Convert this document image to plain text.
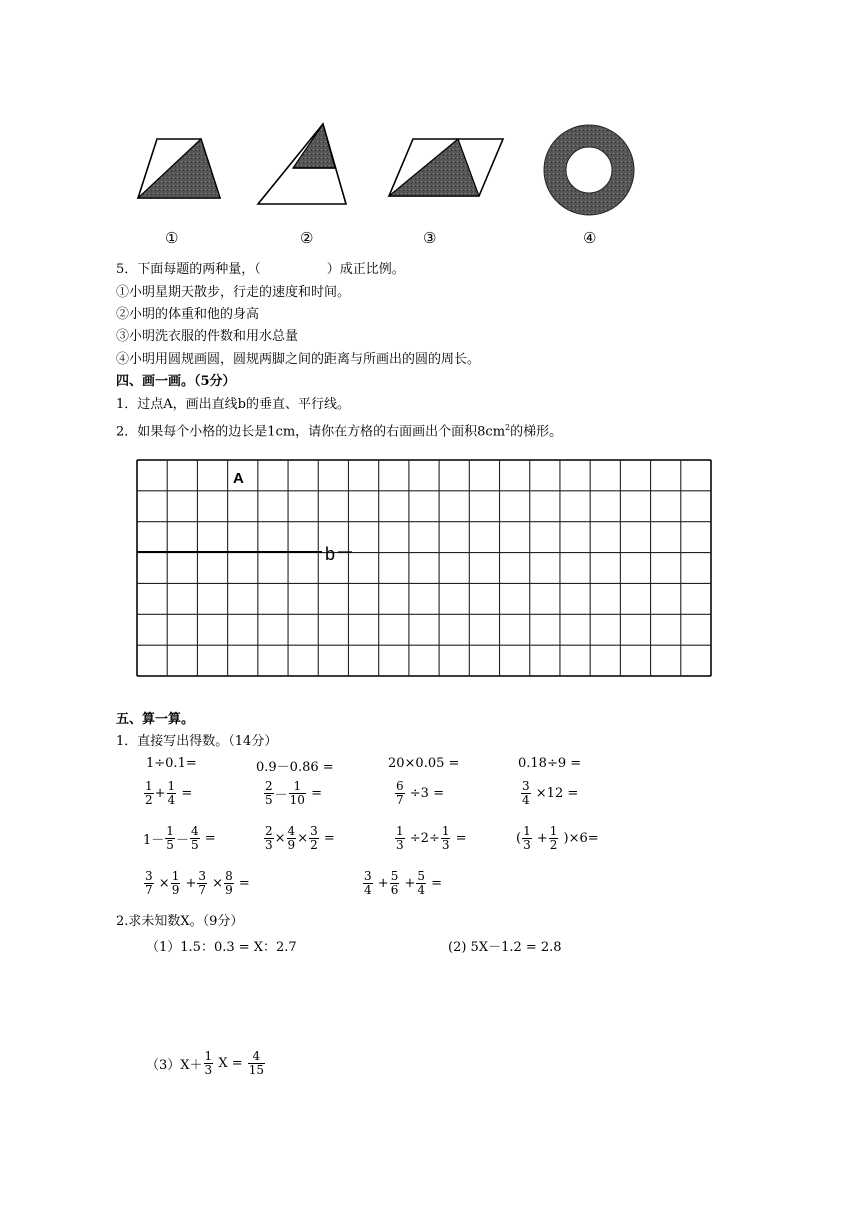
①	②	③	④
5．下面每题的两种量，（	）成正比例。
①小明星期天散步，行走的速度和时间。
②小明的体重和他的身高
③小明洗衣服的件数和用水总量
④小明用圆规画圆，圆规两脚之间的距离与所画出的圆的周长。
四、画一画。（5分）
1．过点A，画出直线b的垂直、平行线。
2．如果每个小格的边长是1cm，请你在方格的右面画出个面积$8cm^2$的梯形。
A
b
五、算一算。
1．直接写出得数。（14分）
1÷0.1=	0.9－0.86 =	20×0.05 =	0.18÷9 =
$\frac{1}{2} + \frac{1}{4}$ =	$\frac{2}{5} - \frac{1}{10}$ =	$\frac{6}{7} \div 3$ =	$\frac{3}{4} \times 12$ =
$1- \frac{1}{5} - \frac{4}{5}$ =	$\frac{2}{3} \times \frac{4}{9} \times \frac{3}{2}$ =	$\frac{1}{3} \div 2\div \frac{1}{3}$ =	( $\frac{1}{3} + \frac{1}{2} )\times 6=$
$\frac{3}{7} \times \frac{1}{9} + \frac{3}{7} \times \frac{8}{9}$ =	$\frac{3}{4} + \frac{5}{6} + \frac{5}{4}$ =
2.求未知数X。（9分）
（1）1.5：0.3 = X：2.7	(2) 5X－1.2 = 2.8
$(3)X+ \frac{1}{3}$ $X = \frac{4}{15}$
